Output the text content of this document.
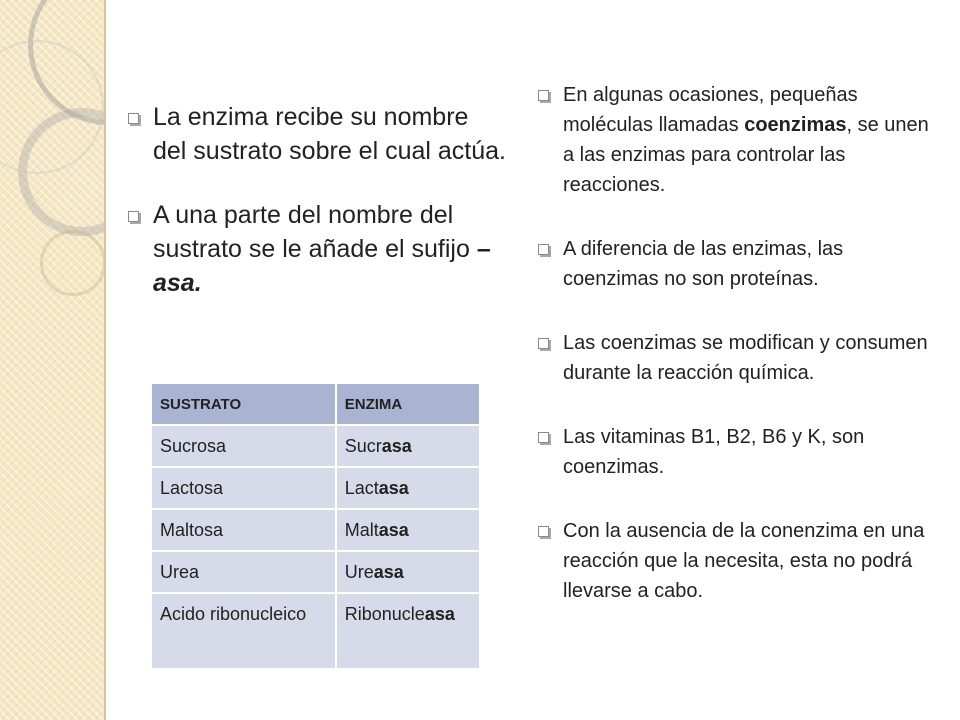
La enzima recibe su nombre del sustrato sobre el cual actúa.
A una parte del nombre del sustrato se le añade el sufijo –asa.
SUSTRATO	ENZIMA
Sucrosa	Sucrasa
Lactosa	Lactasa
Maltosa	Maltasa
Urea	Ureasa
Acido ribonucleico	Ribonucleasa
En algunas ocasiones, pequeñas moléculas llamadas coenzimas, se unen a las enzimas para controlar las reacciones.
A diferencia de las enzimas, las coenzimas no son proteínas.
Las coenzimas se modifican y consumen durante la reacción química.
Las vitaminas B1, B2, B6 y K, son coenzimas.
Con la ausencia de la conenzima en una reacción que la necesita, esta no podrá llevarse a cabo.
